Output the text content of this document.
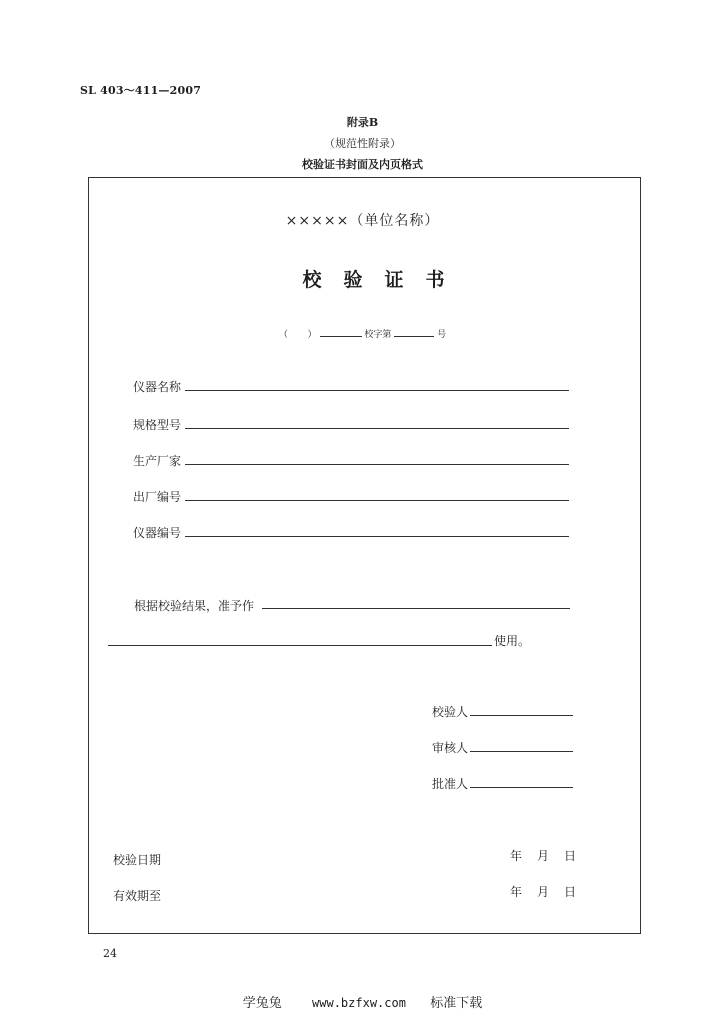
SL 403～411—2007
附录B
（规范性附录）
校验证书封面及内页格式
×××××（单位名称）
校验证书
（ ）	校字第	号
仪器名称
规格型号
生产厂家
出厂编号
仪器编号
根据校验结果，准予作
使用。
校验人
审核人
批准人
校验日期	年 月 日
有效期至	年 月 日
24
学兔兔	www.bzfxw.com 标准下载
